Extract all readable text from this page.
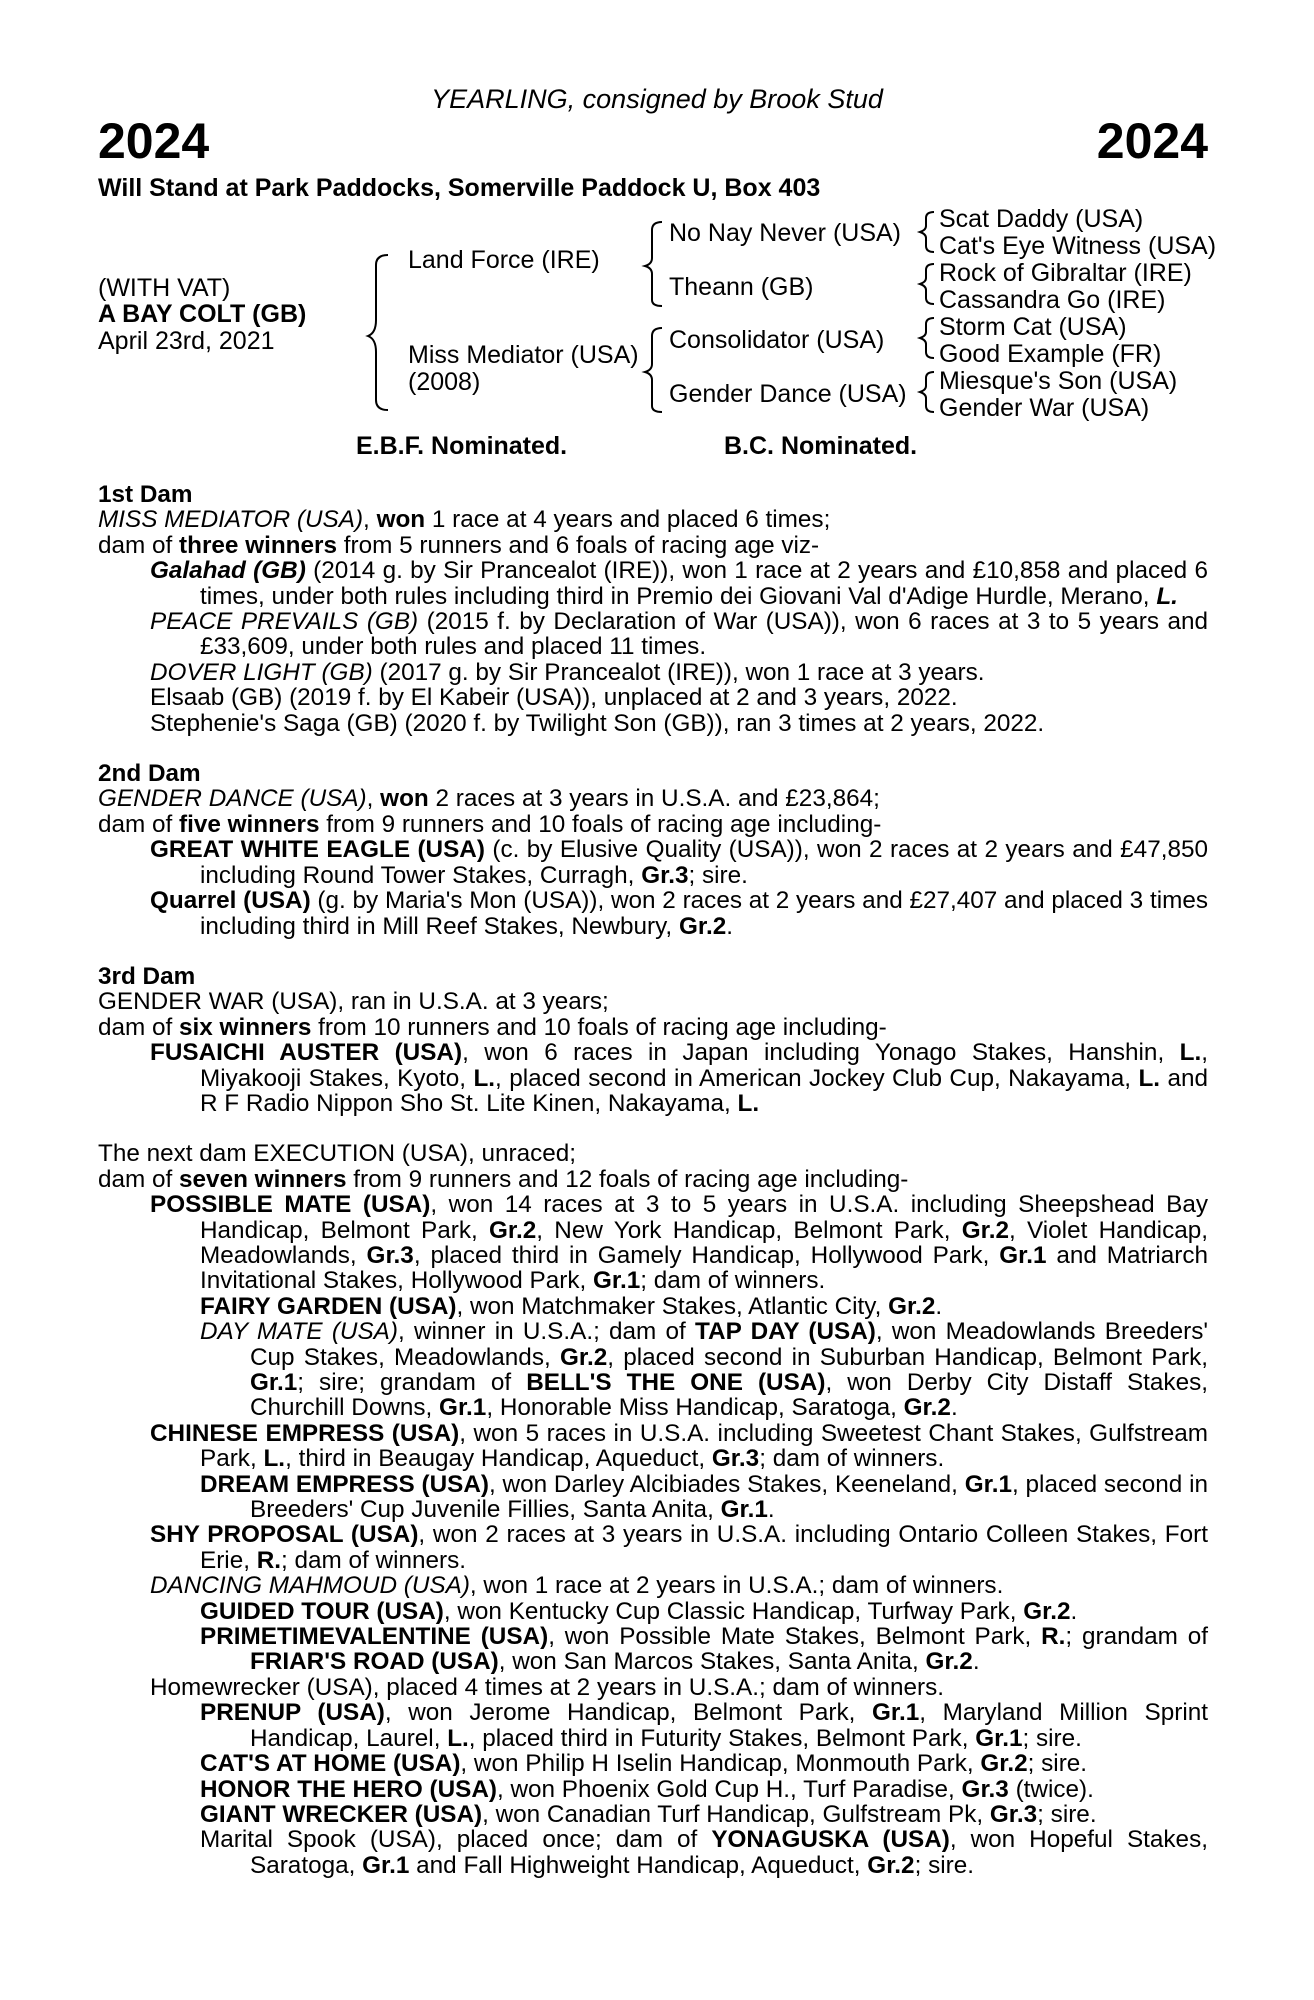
YEARLING, consigned by Brook Stud
2024	2024
Will Stand at Park Paddocks, Somerville Paddock U, Box 403
(WITH VAT)
A BAY COLT (GB)
April 23rd, 2021
Land Force (IRE)
Miss Mediator (USA)
(2008)
No Nay Never (USA)
Theann (GB)
Consolidator (USA)
Gender Dance (USA)
Scat Daddy (USA)
Cat's Eye Witness (USA)
Rock of Gibraltar (IRE)
Cassandra Go (IRE)
Storm Cat (USA)
Good Example (FR)
Miesque's Son (USA)
Gender War (USA)
E.B.F. Nominated.	B.C. Nominated.

1st Dam

MISS MEDIATOR (USA), won 1 race at 4 years and placed 6 times;

dam of three winners from 5 runners and 6 foals of racing age viz-

Galahad (GB) (2014 g. by Sir Prancealot (IRE)), won 1 race at 2 years and £10,858 and placed 6 times, under both rules including third in Premio dei Giovani Val d'Adige Hurdle, Merano, L.

PEACE PREVAILS (GB) (2015 f. by Declaration of War (USA)), won 6 races at 3 to 5 years and £33,609, under both rules and placed 11 times.

DOVER LIGHT (GB) (2017 g. by Sir Prancealot (IRE)), won 1 race at 3 years.

Elsaab (GB) (2019 f. by El Kabeir (USA)), unplaced at 2 and 3 years, 2022.

Stephenie's Saga (GB) (2020 f. by Twilight Son (GB)), ran 3 times at 2 years, 2022.

2nd Dam

GENDER DANCE (USA), won 2 races at 3 years in U.S.A. and £23,864;

dam of five winners from 9 runners and 10 foals of racing age including-

GREAT WHITE EAGLE (USA) (c. by Elusive Quality (USA)), won 2 races at 2 years and £47,850 including Round Tower Stakes, Curragh, Gr.3; sire.

Quarrel (USA) (g. by Maria's Mon (USA)), won 2 races at 2 years and £27,407 and placed 3 times including third in Mill Reef Stakes, Newbury, Gr.2.

3rd Dam

GENDER WAR (USA), ran in U.S.A. at 3 years;

dam of six winners from 10 runners and 10 foals of racing age including-

FUSAICHI AUSTER (USA), won 6 races in Japan including Yonago Stakes, Hanshin, L., Miyakooji Stakes, Kyoto, L., placed second in American Jockey Club Cup, Nakayama, L. and R F Radio Nippon Sho St. Lite Kinen, Nakayama, L.

The next dam EXECUTION (USA), unraced;

dam of seven winners from 9 runners and 12 foals of racing age including-

POSSIBLE MATE (USA), won 14 races at 3 to 5 years in U.S.A. including Sheepshead Bay Handicap, Belmont Park, Gr.2, New York Handicap, Belmont Park, Gr.2, Violet Handicap, Meadowlands, Gr.3, placed third in Gamely Handicap, Hollywood Park, Gr.1 and Matriarch Invitational Stakes, Hollywood Park, Gr.1; dam of winners.

FAIRY GARDEN (USA), won Matchmaker Stakes, Atlantic City, Gr.2.

DAY MATE (USA), winner in U.S.A.; dam of TAP DAY (USA), won Meadowlands Breeders' Cup Stakes, Meadowlands, Gr.2, placed second in Suburban Handicap, Belmont Park, Gr.1; sire; grandam of BELL'S THE ONE (USA), won Derby City Distaff Stakes, Churchill Downs, Gr.1, Honorable Miss Handicap, Saratoga, Gr.2.

CHINESE EMPRESS (USA), won 5 races in U.S.A. including Sweetest Chant Stakes, Gulfstream Park, L., third in Beaugay Handicap, Aqueduct, Gr.3; dam of winners.

DREAM EMPRESS (USA), won Darley Alcibiades Stakes, Keeneland, Gr.1, placed second in Breeders' Cup Juvenile Fillies, Santa Anita, Gr.1.

SHY PROPOSAL (USA), won 2 races at 3 years in U.S.A. including Ontario Colleen Stakes, Fort Erie, R.; dam of winners.

DANCING MAHMOUD (USA), won 1 race at 2 years in U.S.A.; dam of winners.

GUIDED TOUR (USA), won Kentucky Cup Classic Handicap, Turfway Park, Gr.2.

PRIMETIMEVALENTINE (USA), won Possible Mate Stakes, Belmont Park, R.; grandam of FRIAR'S ROAD (USA), won San Marcos Stakes, Santa Anita, Gr.2.

Homewrecker (USA), placed 4 times at 2 years in U.S.A.; dam of winners.

PRENUP (USA), won Jerome Handicap, Belmont Park, Gr.1, Maryland Million Sprint Handicap, Laurel, L., placed third in Futurity Stakes, Belmont Park, Gr.1; sire.

CAT'S AT HOME (USA), won Philip H Iselin Handicap, Monmouth Park, Gr.2; sire.

HONOR THE HERO (USA), won Phoenix Gold Cup H., Turf Paradise, Gr.3 (twice).

GIANT WRECKER (USA), won Canadian Turf Handicap, Gulfstream Pk, Gr.3; sire.

Marital Spook (USA), placed once; dam of YONAGUSKA (USA), won Hopeful Stakes, Saratoga, Gr.1 and Fall Highweight Handicap, Aqueduct, Gr.2; sire.
